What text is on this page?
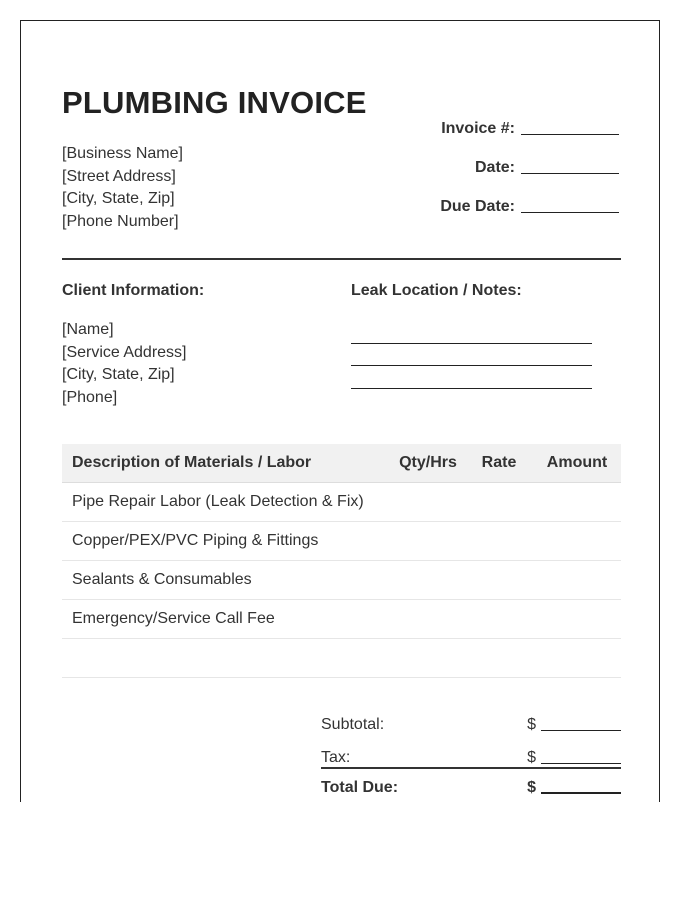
PLUMBING INVOICE
[Business Name]
[Street Address]
[City, State, Zip]
[Phone Number]
Invoice #:
Date:
Due Date:
Client Information:	Leak Location / Notes:
[Name]
[Service Address]
[City, State, Zip]
[Phone]
Description of Materials / Labor	Qty/Hrs	Rate	Amount
Pipe Repair Labor (Leak Detection & Fix)
Copper/PEX/PVC Piping & Fittings
Sealants & Consumables
Emergency/Service Call Fee
Subtotal:	$
Tax:	$
Total Due:	$
